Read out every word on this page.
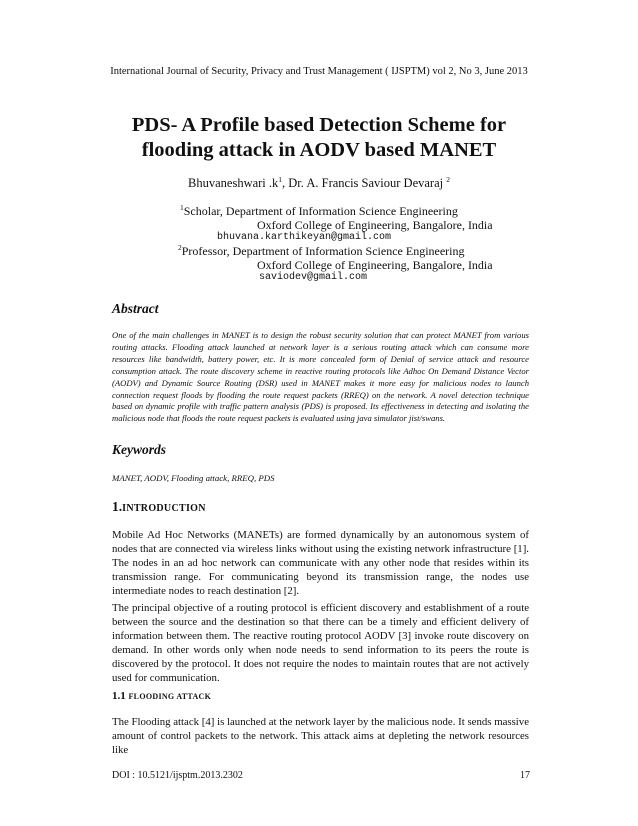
International Journal of Security, Privacy and Trust Management ( IJSPTM) vol 2, No 3, June 2013
PDS- A Profile based Detection Scheme for
flooding attack in AODV based MANET
Bhuvaneshwari $.k^1$, Dr. A. Francis Saviour Devaraj $^2$
$^1$Scholar, Department of Information Science Engineering
Oxford College of Engineering, Bangalore, India
bhuvana.karthikeyan@gmail.com
$^2$Professor, Department of Information Science Engineering
Oxford College of Engineering, Bangalore, India
saviodev@gmail.com
Abstract
One of the main challenges in MANET is to design the robust security solution that can protect MANET from various routing attacks. Flooding attack launched at network layer is a serious routing attack which can consume more resources like bandwidth, battery power, etc. It is more concealed form of Denial of service attack and resource consumption attack. The route discovery scheme in reactive routing protocols like Adhoc On Demand Distance Vector (AODV) and Dynamic Source Routing (DSR) used in MANET makes it more easy for malicious nodes to launch connection request floods by flooding the route request packets (RREQ) on the network. A novel detection technique based on dynamic profile with traffic pattern analysis (PDS) is proposed. Its effectiveness in detecting and isolating the malicious node that floods the route request packets is evaluated using java simulator jist/swans.
Keywords
MANET, AODV, Flooding attack, RREQ, PDS
1.INTRODUCTION
Mobile Ad Hoc Networks (MANETs) are formed dynamically by an autonomous system of nodes that are connected via wireless links without using the existing network infrastructure [1]. The nodes in an ad hoc network can communicate with any other node that resides within its transmission range. For communicating beyond its transmission range, the nodes use intermediate nodes to reach destination [2].
The principal objective of a routing protocol is efficient discovery and establishment of a route between the source and the destination so that there can be a timely and efficient delivery of information between them. The reactive routing protocol AODV [3] invoke route discovery on demand. In other words only when node needs to send information to its peers the route is discovered by the protocol. It does not require the nodes to maintain routes that are not actively used for communication.
1.1 FLOODING ATTACK
The Flooding attack [4] is launched at the network layer by the malicious node. It sends massive amount of control packets to the network. This attack aims at depleting the network resources like
DOI : 10.5121/ijsptm.2013.2302	17
